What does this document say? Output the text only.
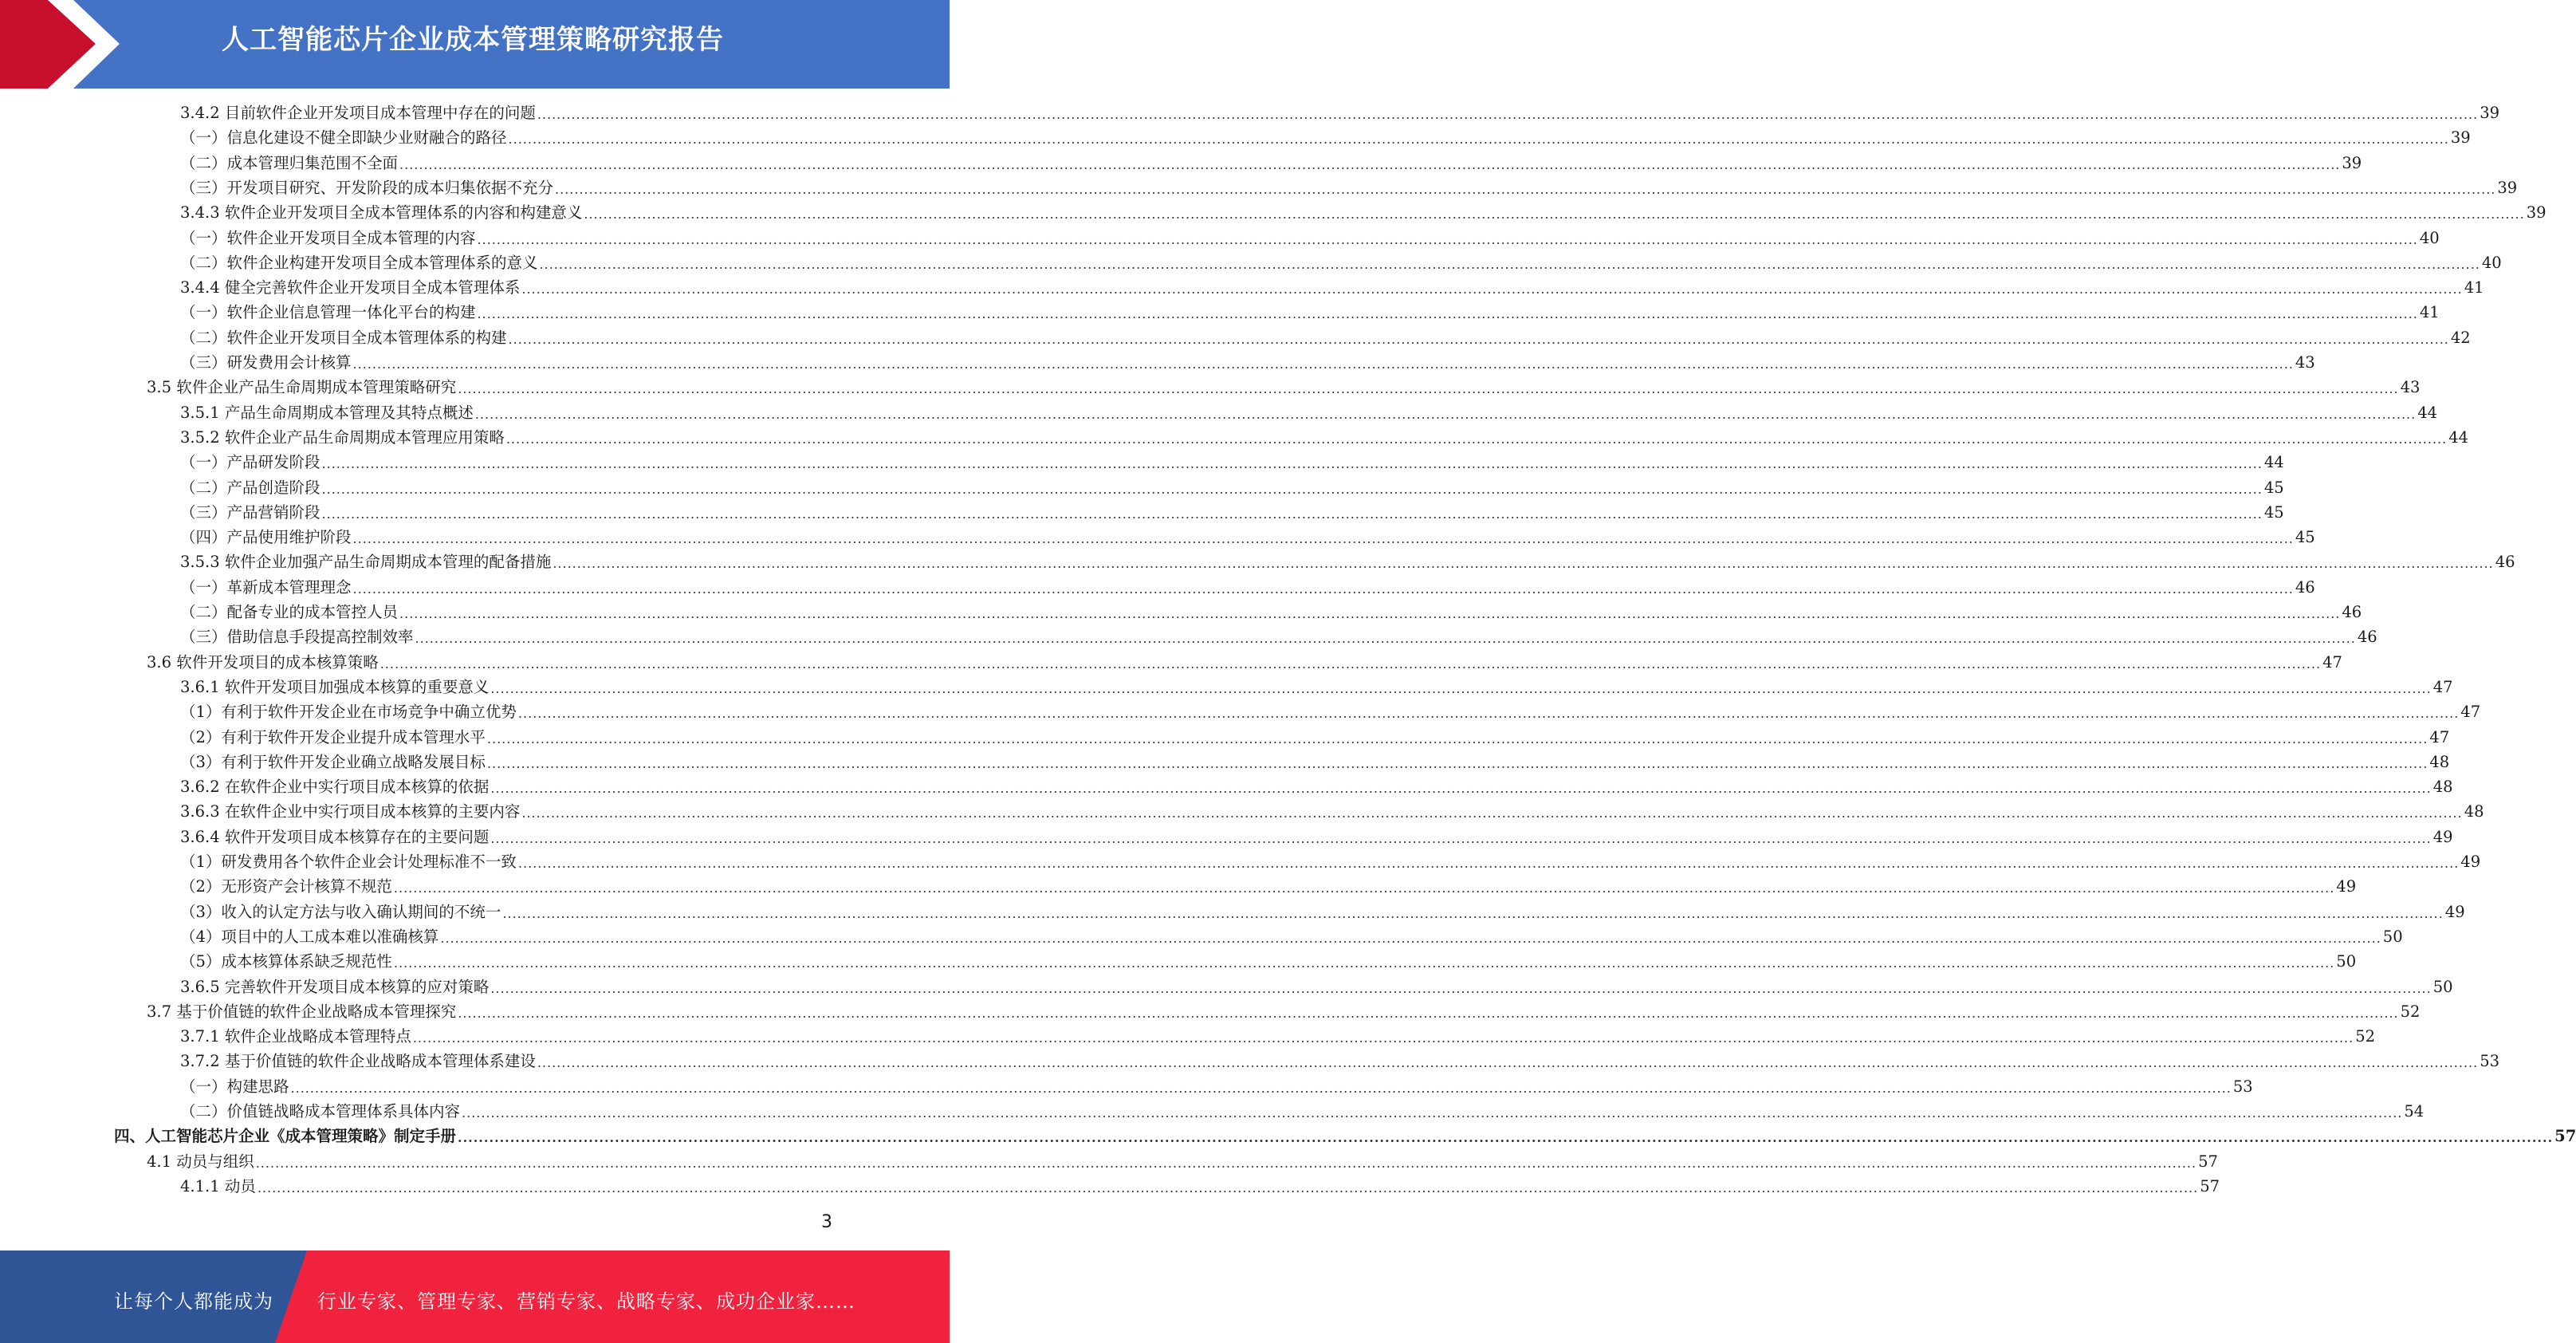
人工智能芯片企业成本管理策略研究报告
3.4.2 目前软件企业开发项目成本管理中存在的问题 ................................................................................................................................................................................................................................................................................................................................................................................................................ 39
（一）信息化建设不健全即缺少业财融合的路径 ................................................................................................................................................................................................................................................................................................................................................................................................................ 39
（二）成本管理归集范围不全面 ................................................................................................................................................................................................................................................................................................................................................................................................................ 39
（三）开发项目研究、开发阶段的成本归集依据不充分 ................................................................................................................................................................................................................................................................................................................................................................................................................ 39
3.4.3 软件企业开发项目全成本管理体系的内容和构建意义 ................................................................................................................................................................................................................................................................................................................................................................................................................ 39
（一）软件企业开发项目全成本管理的内容 ................................................................................................................................................................................................................................................................................................................................................................................................................ 40
（二）软件企业构建开发项目全成本管理体系的意义 ................................................................................................................................................................................................................................................................................................................................................................................................................ 40
3.4.4 健全完善软件企业开发项目全成本管理体系 ................................................................................................................................................................................................................................................................................................................................................................................................................ 41
（一）软件企业信息管理一体化平台的构建 ................................................................................................................................................................................................................................................................................................................................................................................................................ 41
（二）软件企业开发项目全成本管理体系的构建 ................................................................................................................................................................................................................................................................................................................................................................................................................ 42
（三）研发费用会计核算 ................................................................................................................................................................................................................................................................................................................................................................................................................ 43
3.5 软件企业产品生命周期成本管理策略研究 ................................................................................................................................................................................................................................................................................................................................................................................................................ 43
3.5.1 产品生命周期成本管理及其特点概述 ................................................................................................................................................................................................................................................................................................................................................................................................................ 44
3.5.2 软件企业产品生命周期成本管理应用策略 ................................................................................................................................................................................................................................................................................................................................................................................................................ 44
（一）产品研发阶段 ................................................................................................................................................................................................................................................................................................................................................................................................................ 44
（二）产品创造阶段 ................................................................................................................................................................................................................................................................................................................................................................................................................ 45
（三）产品营销阶段 ................................................................................................................................................................................................................................................................................................................................................................................................................ 45
（四）产品使用维护阶段 ................................................................................................................................................................................................................................................................................................................................................................................................................ 45
3.5.3 软件企业加强产品生命周期成本管理的配备措施 ................................................................................................................................................................................................................................................................................................................................................................................................................ 46
（一）革新成本管理理念 ................................................................................................................................................................................................................................................................................................................................................................................................................ 46
（二）配备专业的成本管控人员 ................................................................................................................................................................................................................................................................................................................................................................................................................ 46
（三）借助信息手段提高控制效率 ................................................................................................................................................................................................................................................................................................................................................................................................................ 46
3.6 软件开发项目的成本核算策略 ................................................................................................................................................................................................................................................................................................................................................................................................................ 47
3.6.1 软件开发项目加强成本核算的重要意义 ................................................................................................................................................................................................................................................................................................................................................................................................................ 47
（1）有利于软件开发企业在市场竞争中确立优势 ................................................................................................................................................................................................................................................................................................................................................................................................................ 47
（2）有利于软件开发企业提升成本管理水平 ................................................................................................................................................................................................................................................................................................................................................................................................................ 47
（3）有利于软件开发企业确立战略发展目标 ................................................................................................................................................................................................................................................................................................................................................................................................................ 48
3.6.2 在软件企业中实行项目成本核算的依据 ................................................................................................................................................................................................................................................................................................................................................................................................................ 48
3.6.3 在软件企业中实行项目成本核算的主要内容 ................................................................................................................................................................................................................................................................................................................................................................................................................ 48
3.6.4 软件开发项目成本核算存在的主要问题 ................................................................................................................................................................................................................................................................................................................................................................................................................ 49
（1）研发费用各个软件企业会计处理标准不一致 ................................................................................................................................................................................................................................................................................................................................................................................................................ 49
（2）无形资产会计核算不规范 ................................................................................................................................................................................................................................................................................................................................................................................................................ 49
（3）收入的认定方法与收入确认期间的不统一 ................................................................................................................................................................................................................................................................................................................................................................................................................ 49
（4）项目中的人工成本难以准确核算 ................................................................................................................................................................................................................................................................................................................................................................................................................ 50
（5）成本核算体系缺乏规范性 ................................................................................................................................................................................................................................................................................................................................................................................................................ 50
3.6.5 完善软件开发项目成本核算的应对策略 ................................................................................................................................................................................................................................................................................................................................................................................................................ 50
3.7 基于价值链的软件企业战略成本管理探究 ................................................................................................................................................................................................................................................................................................................................................................................................................ 52
3.7.1 软件企业战略成本管理特点 ................................................................................................................................................................................................................................................................................................................................................................................................................ 52
3.7.2 基于价值链的软件企业战略成本管理体系建设 ................................................................................................................................................................................................................................................................................................................................................................................................................ 53
（一）构建思路 ................................................................................................................................................................................................................................................................................................................................................................................................................ 53
（二）价值链战略成本管理体系具体内容 ................................................................................................................................................................................................................................................................................................................................................................................................................ 54
四、人工智能芯片企业《成本管理策略》制定手册 ................................................................................................................................................................................................................................................................................................................................................................................................................ 57
4.1 动员与组织 ................................................................................................................................................................................................................................................................................................................................................................................................................ 57
4.1.1 动员 ................................................................................................................................................................................................................................................................................................................................................................................................................ 57
3
让每个人都能成为 行业专家、管理专家、营销专家、战略专家、成功企业家……
